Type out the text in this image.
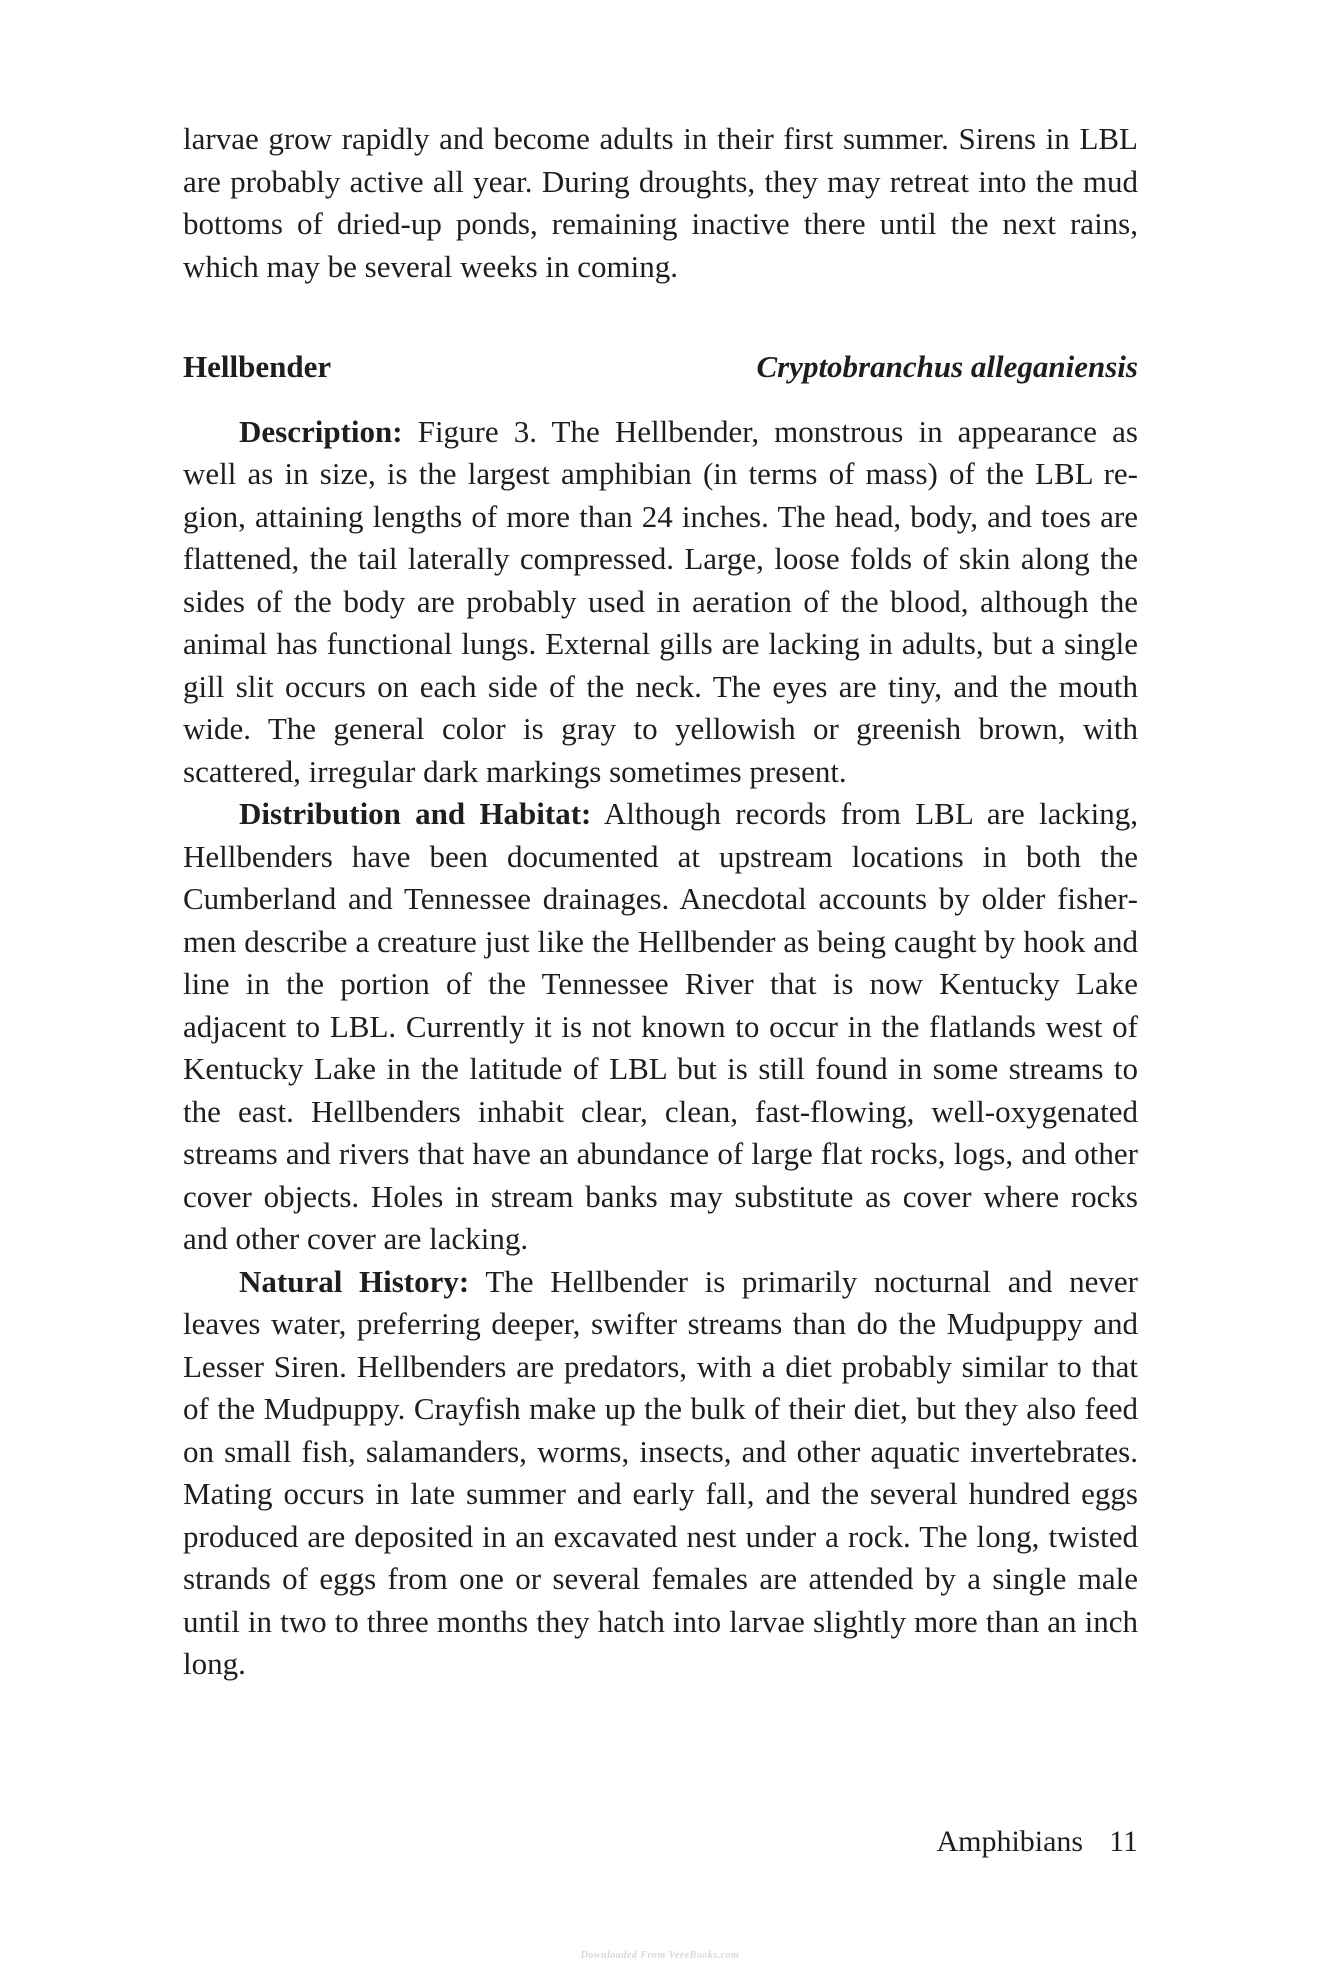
larvae grow rapidly and become adults in their first summer. Sirens in LBL are probably active all year. During droughts, they may retreat into the mud bottoms of dried-up ponds, remaining inactive there until the next rains, which may be several weeks in coming.

Hellbender	Cryptobranchus alleganiensis

Description: Figure 3. The Hellbender, monstrous in appearance as well as in size, is the largest amphibian (in terms of mass) of the LBL region, attaining lengths of more than 24 inches. The head, body, and toes are flattened, the tail laterally compressed. Large, loose folds of skin along the sides of the body are probably used in aeration of the blood, although the animal has functional lungs. External gills are lacking in adults, but a single gill slit occurs on each side of the neck. The eyes are tiny, and the mouth wide. The general color is gray to yellowish or greenish brown, with scattered, irregular dark markings sometimes present.

Distribution and Habitat: Although records from LBL are lacking, Hellbenders have been documented at upstream locations in both the Cumberland and Tennessee drainages. Anecdotal accounts by older fishermen describe a creature just like the Hellbender as being caught by hook and line in the portion of the Tennessee River that is now Kentucky Lake adjacent to LBL. Currently it is not known to occur in the flatlands west of Kentucky Lake in the latitude of LBL but is still found in some streams to the east. Hellbenders inhabit clear, clean, fast-flowing, well-oxygenated streams and rivers that have an abundance of large flat rocks, logs, and other cover objects. Holes in stream banks may substitute as cover where rocks and other cover are lacking.

Natural History: The Hellbender is primarily nocturnal and never leaves water, preferring deeper, swifter streams than do the Mudpuppy and Lesser Siren. Hellbenders are predators, with a diet probably similar to that of the Mudpuppy. Crayfish make up the bulk of their diet, but they also feed on small fish, salamanders, worms, insects, and other aquatic invertebrates. Mating occurs in late summer and early fall, and the several hundred eggs produced are deposited in an excavated nest under a rock. The long, twisted strands of eggs from one or several females are attended by a single male until in two to three months they hatch into larvae slightly more than an inch long.

Amphibians 11
Downloaded From VeeeBooks.com
